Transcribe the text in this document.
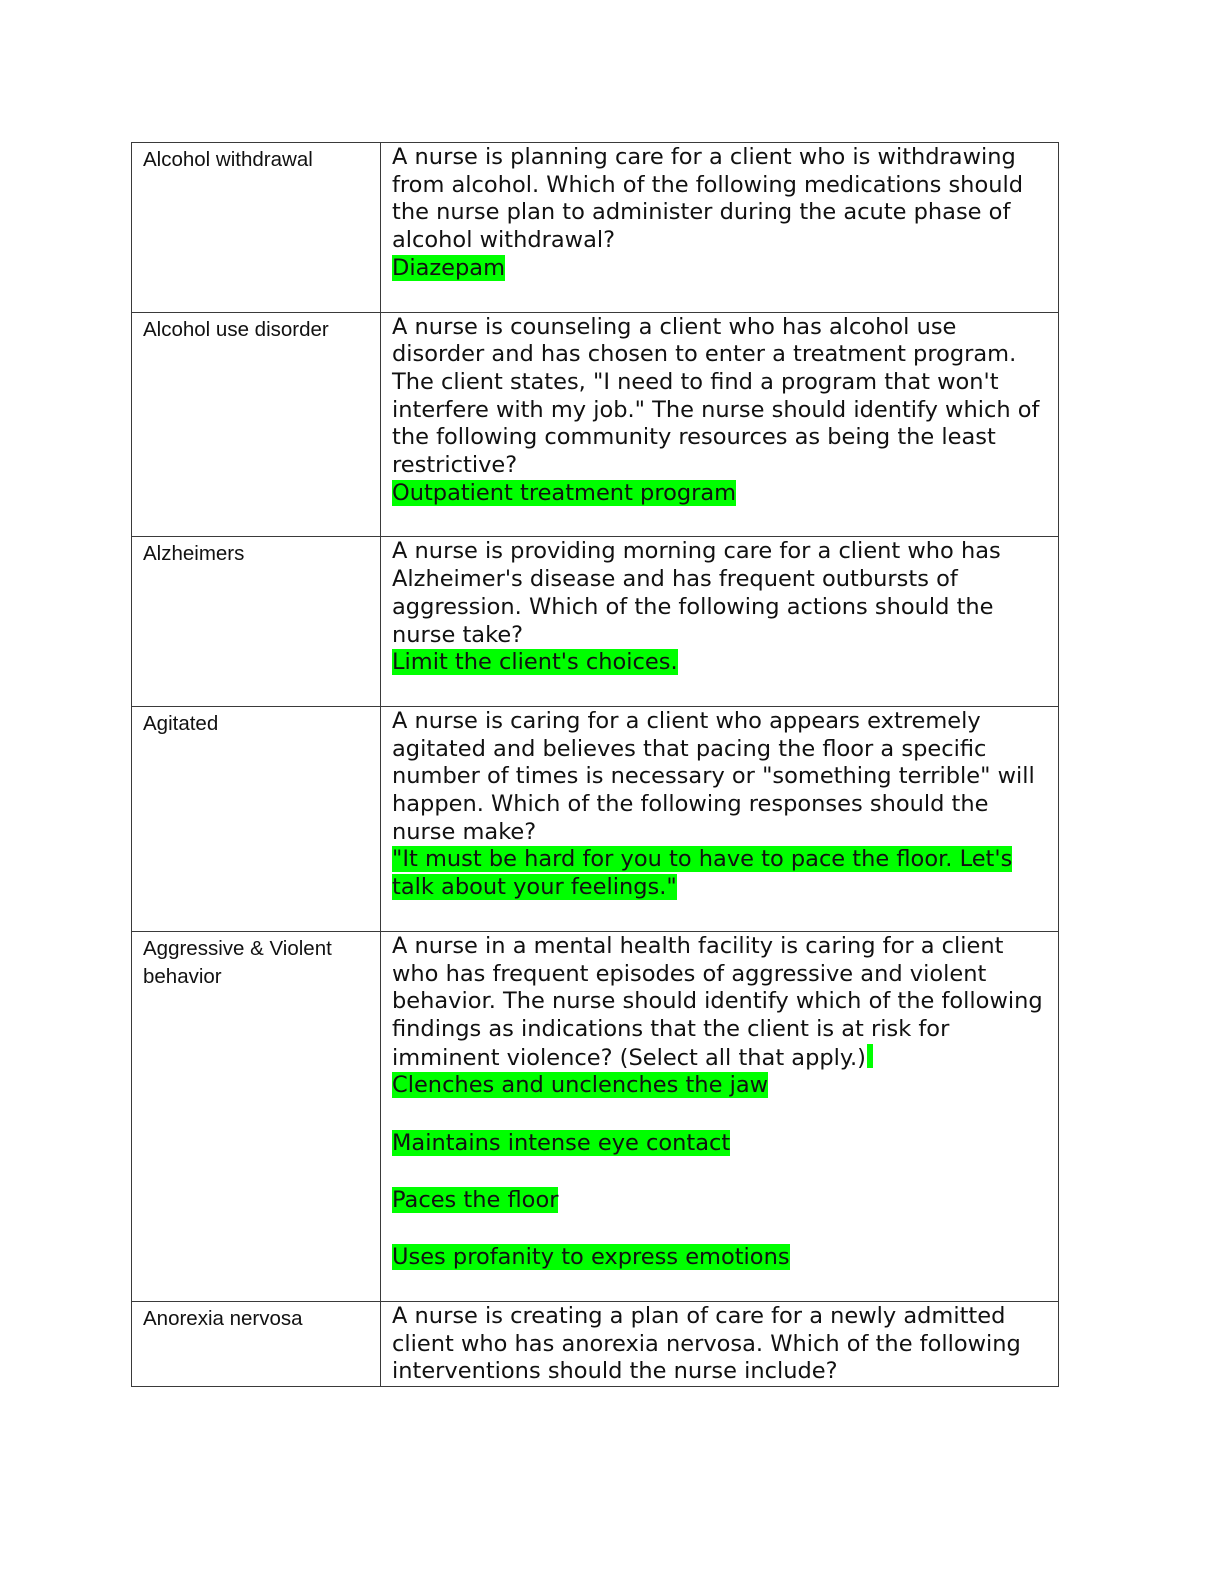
Alcohol withdrawal	A nurse is planning care for a client who is withdrawing from alcohol. Which of the following medications should the nurse plan to administer during the acute phase of alcohol withdrawal?
Diazepam

Alcohol use disorder	A nurse is counseling a client who has alcohol use disorder and has chosen to enter a treatment program. The client states, "I need to find a program that won't interfere with my job." The nurse should identify which of the following community resources as being the least restrictive?
Outpatient treatment program

Alzheimers	A nurse is providing morning care for a client who has Alzheimer's disease and has frequent outbursts of aggression. Which of the following actions should the nurse take?
Limit the client's choices.

Agitated	A nurse is caring for a client who appears extremely agitated and believes that pacing the floor a specific number of times is necessary or "something terrible" will happen. Which of the following responses should the nurse make?
"It must be hard for you to have to pace the floor. Let's talk about your feelings."

Aggressive & Violent behavior	A nurse in a mental health facility is caring for a client who has frequent episodes of aggressive and violent behavior. The nurse should identify which of the following findings as indications that the client is at risk for imminent violence? (Select all that apply.)
Clenches and unclenches the jaw
Maintains intense eye contact
Paces the floor
Uses profanity to express emotions

Anorexia nervosa	A nurse is creating a plan of care for a newly admitted client who has anorexia nervosa. Which of the following interventions should the nurse include?
